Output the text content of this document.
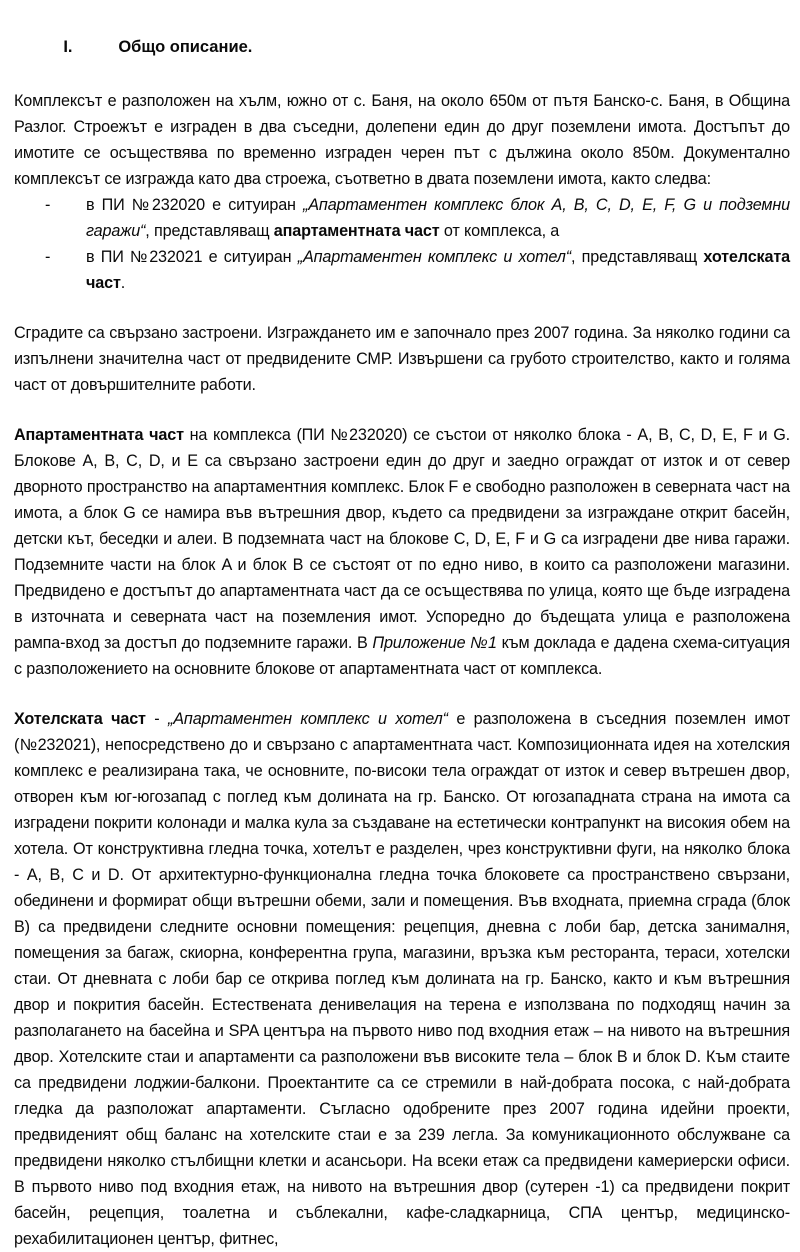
I.	Общо описание.

Комплексът е разположен на хълм, южно от с. Баня, на около 650м от пътя Банско-с. Баня, в Община Разлог. Строежът е изграден в два съседни, долепени един до друг поземлени имота. Достъпът до имотите се осъществява по временно изграден черен път с дължина около 850м. Документално комплексът се изгражда като два строежа, съответно в двата поземлени имота, както следва:

- в ПИ №232020 е ситуиран „Апартаментен комплекс блок A, B, C, D, E, F, G и подземни гаражи“, представляващ апартаментната част от комплекса, а
- в ПИ №232021 е ситуиран „Апартаментен комплекс и хотел“, представляващ хотелската част.

Сградите са свързано застроени. Изграждането им е започнало през 2007 година. За няколко години са изпълнени значителна част от предвидените СМР. Извършени са грубото строителство, както и голяма част от довършителните работи.

Апартаментната част на комплекса (ПИ №232020) се състои от няколко блока - A, B, C, D, E, F и G. Блокове A, B, C, D, и E са свързано застроени един до друг и заедно ограждат от изток и от север дворното пространство на апартаментния комплекс. Блок F е свободно разположен в северната част на имота, а блок G се намира във вътрешния двор, където са предвидени за изграждане открит басейн, детски кът, беседки и алеи. В подземната част на блокове C, D, E, F и G са изградени две нива гаражи. Подземните части на блок A и блок B се състоят от по едно ниво, в които са разположени магазини. Предвидено е достъпът до апартаментната част да се осъществява по улица, която ще бъде изградена в източната и северната част на поземления имот. Успоредно до бъдещата улица е разположена рампа-вход за достъп до подземните гаражи. В Приложение №1 към доклада е дадена схема-ситуация с разположението на основните блокове от апартаментната част от комплекса.

Хотелската част - „Апартаментен комплекс и хотел“ е разположена в съседния поземлен имот (№232021), непосредствено до и свързано с апартаментната част. Композиционната идея на хотелския комплекс е реализирана така, че основните, по-високи тела ограждат от изток и север вътрешен двор, отворен към юг-югозапад с поглед към долината на гр. Банско. От югозападната страна на имота са изградени покрити колонади и малка кула за създаване на естетически контрапункт на високия обем на хотела. От конструктивна гледна точка, хотелът е разделен, чрез конструктивни фуги, на няколко блока - A, B, C и D. От архитектурно-функционална гледна точка блоковете са пространствено свързани, обединени и формират общи вътрешни обеми, зали и помещения. Във входната, приемна сграда (блок B) са предвидени следните основни помещения: рецепция, дневна с лоби бар, детска занималня, помещения за багаж, скиорна, конферентна група, магазини, връзка към ресторанта, тераси, хотелски стаи. От дневната с лоби бар се открива поглед към долината на гр. Банско, както и към вътрешния двор и покрития басейн. Естествената денивелация на терена е използвана по подходящ начин за разполагането на басейна и SPA центъра на първото ниво под входния етаж – на нивото на вътрешния двор. Хотелските стаи и апартаменти са разположени във високите тела – блок B и блок D. Към стаите са предвидени лоджии-балкони. Проектантите са се стремили в най-добрата посока, с най-добрата гледка да разположат апартаменти. Съгласно одобрените през 2007 година идейни проекти, предвиденият общ баланс на хотелските стаи е за 239 легла. За комуникационното обслужване са предвидени няколко стълбищни клетки и асансьори. На всеки етаж са предвидени камериерски офиси. В първото ниво под входния етаж, на нивото на вътрешния двор (сутерен -1) са предвидени покрит басейн, рецепция, тоалетна и съблекални, кафе-сладкарница, СПА център, медицинско-рехабилитационен център, фитнес,
